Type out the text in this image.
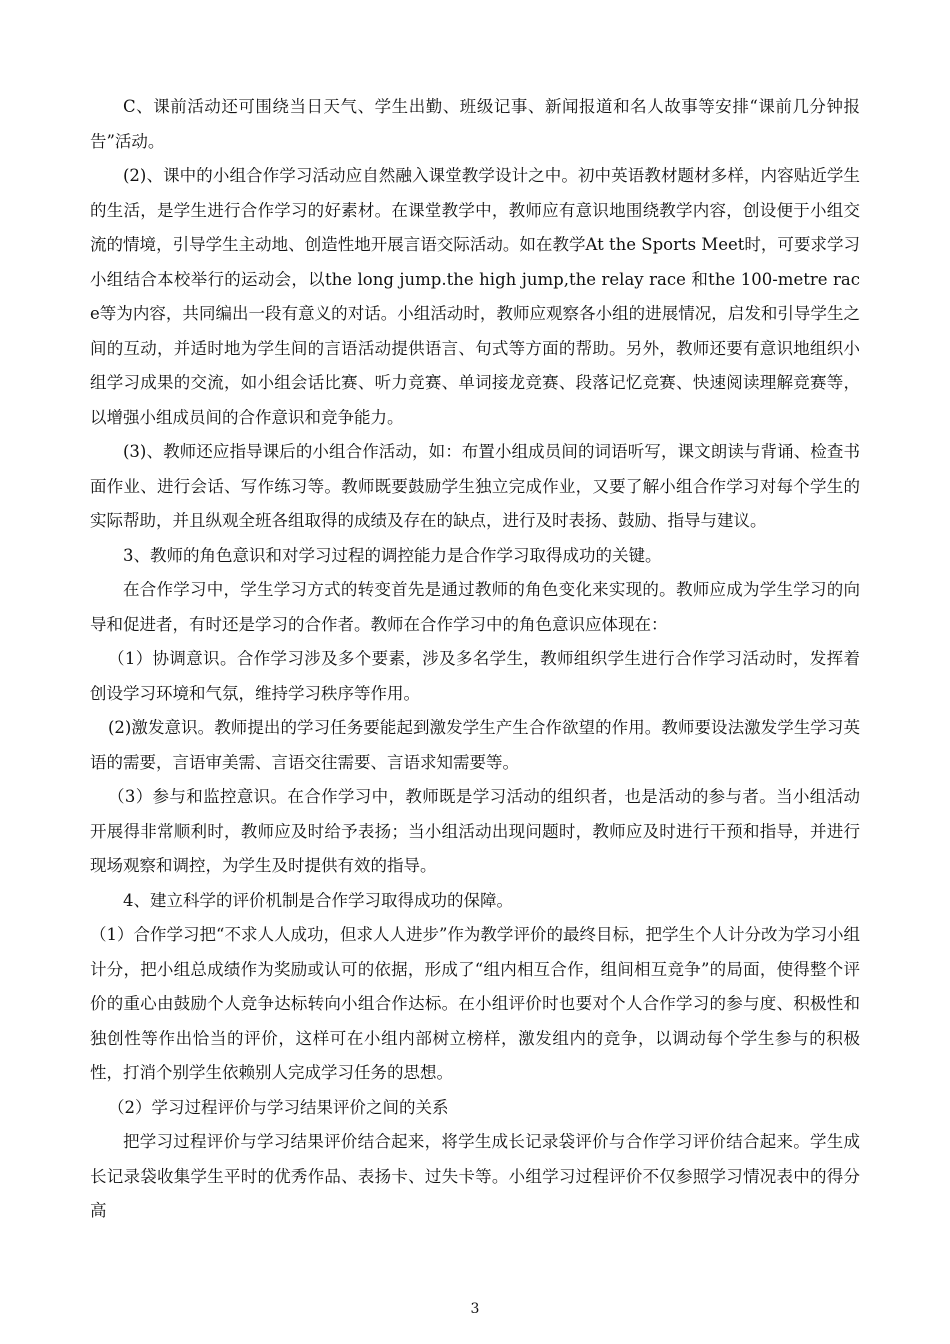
C、课前活动还可围绕当日天气、学生出勤、班级记事、新闻报道和名人故事等安排“课前几分钟报告”活动。

(2)、课中的小组合作学习活动应自然融入课堂教学设计之中。初中英语教材题材多样，内容贴近学生的生活，是学生进行合作学习的好素材。在课堂教学中，教师应有意识地围绕教学内容，创设便于小组交流的情境，引导学生主动地、创造性地开展言语交际活动。如在教学At the Sports Meet时，可要求学习小组结合本校举行的运动会，以the long jump.the high jump,the relay race 和the 100-metre race等为内容，共同编出一段有意义的对话。小组活动时，教师应观察各小组的进展情况，启发和引导学生之间的互动，并适时地为学生间的言语活动提供语言、句式等方面的帮助。另外，教师还要有意识地组织小组学习成果的交流，如小组会话比赛、听力竞赛、单词接龙竞赛、段落记忆竞赛、快速阅读理解竞赛等，以增强小组成员间的合作意识和竞争能力。

(3)、教师还应指导课后的小组合作活动，如：布置小组成员间的词语听写，课文朗读与背诵、检查书面作业、进行会话、写作练习等。教师既要鼓励学生独立完成作业，又要了解小组合作学习对每个学生的实际帮助，并且纵观全班各组取得的成绩及存在的缺点，进行及时表扬、鼓励、指导与建议。

3、教师的角色意识和对学习过程的调控能力是合作学习取得成功的关键。

在合作学习中，学生学习方式的转变首先是通过教师的角色变化来实现的。教师应成为学生学习的向导和促进者，有时还是学习的合作者。教师在合作学习中的角色意识应体现在：

（1）协调意识。合作学习涉及多个要素，涉及多名学生，教师组织学生进行合作学习活动时，发挥着创设学习环境和气氛，维持学习秩序等作用。

(2)激发意识。教师提出的学习任务要能起到激发学生产生合作欲望的作用。教师要设法激发学生学习英语的需要，言语审美需、言语交往需要、言语求知需要等。

（3）参与和监控意识。在合作学习中，教师既是学习活动的组织者，也是活动的参与者。当小组活动开展得非常顺利时，教师应及时给予表扬；当小组活动出现问题时，教师应及时进行干预和指导，并进行现场观察和调控，为学生及时提供有效的指导。

4、建立科学的评价机制是合作学习取得成功的保障。

（1）合作学习把“不求人人成功，但求人人进步”作为教学评价的最终目标，把学生个人计分改为学习小组计分，把小组总成绩作为奖励或认可的依据，形成了“组内相互合作，组间相互竞争”的局面，使得整个评价的重心由鼓励个人竞争达标转向小组合作达标。在小组评价时也要对个人合作学习的参与度、积极性和独创性等作出恰当的评价，这样可在小组内部树立榜样，激发组内的竞争，以调动每个学生参与的积极性，打消个别学生依赖别人完成学习任务的思想。

（2）学习过程评价与学习结果评价之间的关系

把学习过程评价与学习结果评价结合起来，将学生成长记录袋评价与合作学习评价结合起来。学生成长记录袋收集学生平时的优秀作品、表扬卡、过失卡等。小组学习过程评价不仅参照学习情况表中的得分高

3
